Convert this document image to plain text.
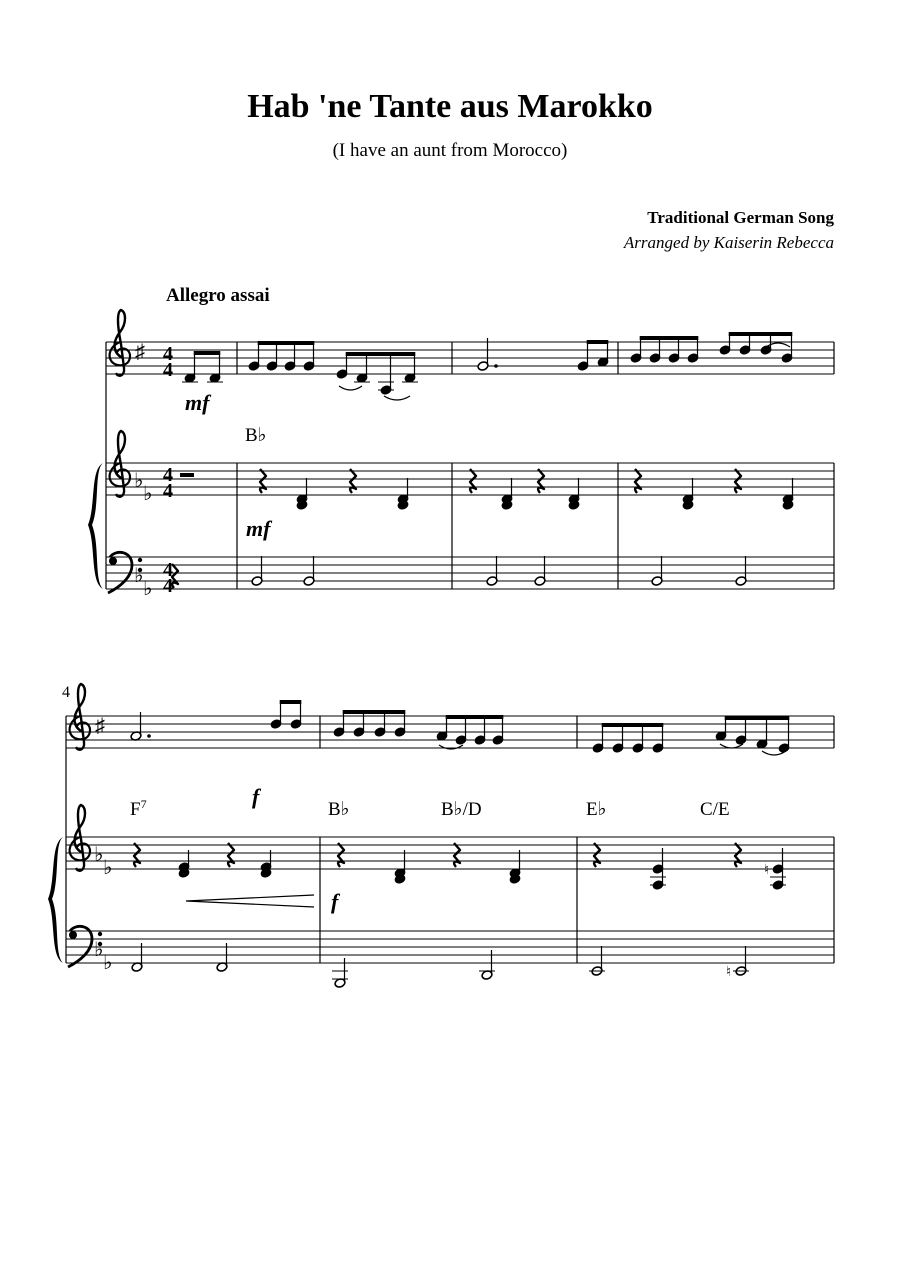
Hab 'ne Tante aus Marokko
(I have an aunt from Morocco)
Traditional German Song
Arranged by Kaiserin Rebecca
Allegro assai
♯
♭
♭
♭
♭
4
4
4
4
4
4
mf
B♭
mf
4
♯
♭
♭
♭
♭
f
$F^7$	B♭	B♭/D	E♭	C/E
f
♮
♮
